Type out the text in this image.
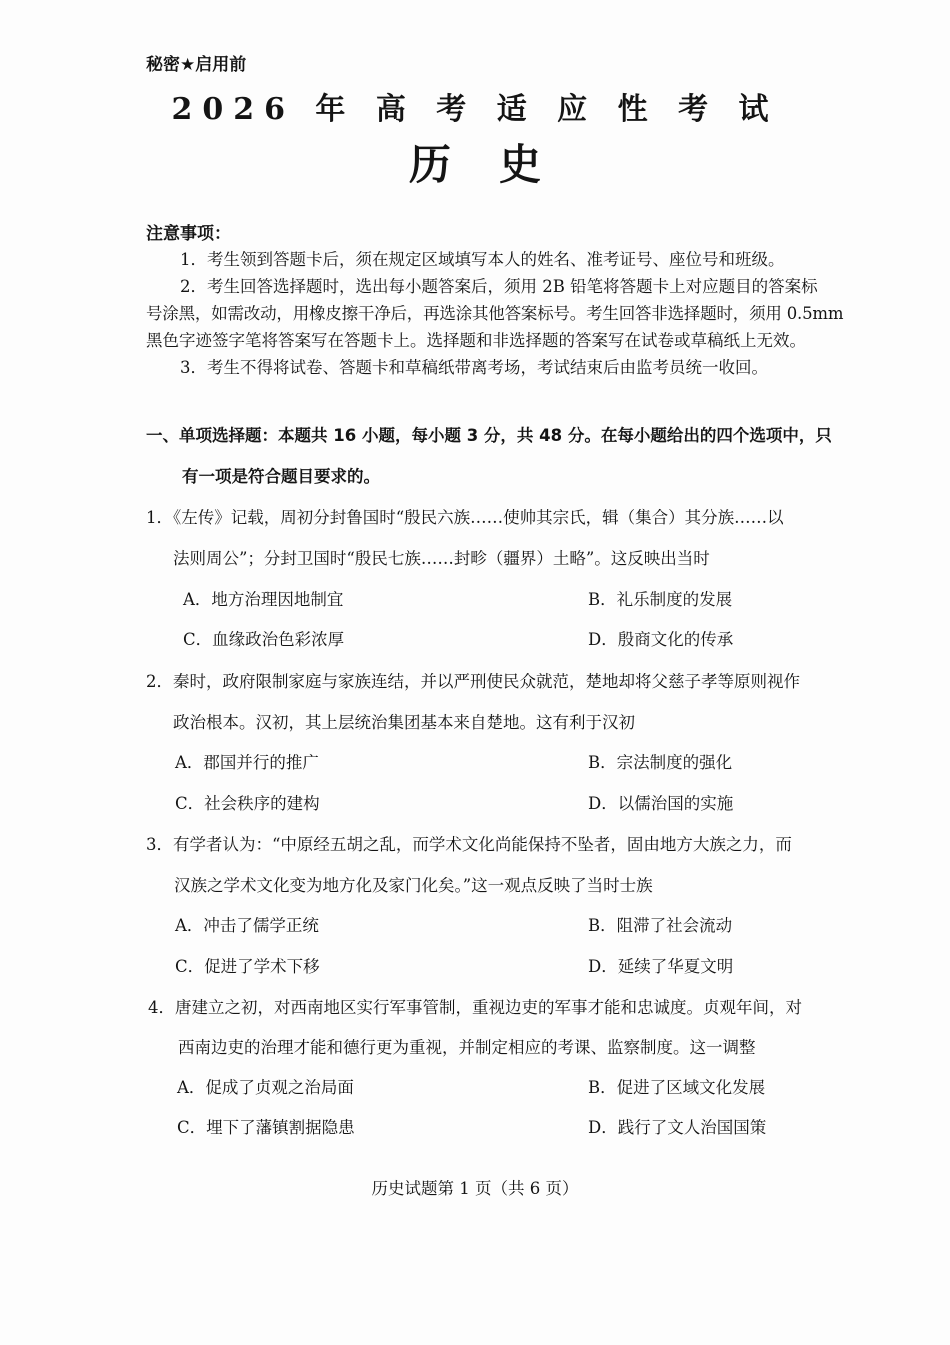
秘密★启用前
2026 年 高 考 适 应 性 考 试
历史
注意事项：
1．考生领到答题卡后，须在规定区域填写本人的姓名、准考证号、座位号和班级。
2．考生回答选择题时，选出每小题答案后，须用 2B 铅笔将答题卡上对应题目的答案标
号涂黑，如需改动，用橡皮擦干净后，再选涂其他答案标号。考生回答非选择题时，须用 0.5mm
黑色字迹签字笔将答案写在答题卡上。选择题和非选择题的答案写在试卷或草稿纸上无效。
3．考生不得将试卷、答题卡和草稿纸带离考场，考试结束后由监考员统一收回。
一、单项选择题：本题共 16 小题，每小题 3 分，共 48 分。在每小题给出的四个选项中，只
有一项是符合题目要求的。
1．《左传》记载，周初分封鲁国时“殷民六族……使帅其宗氏，辑（集合）其分族……以
法则周公”；分封卫国时“殷民七族……封畛（疆界）土略”。这反映出当时
A．地方治理因地制宜	B．礼乐制度的发展
C．血缘政治色彩浓厚	D．殷商文化的传承
2．秦时，政府限制家庭与家族连结，并以严刑使民众就范，楚地却将父慈子孝等原则视作
政治根本。汉初，其上层统治集团基本来自楚地。这有利于汉初
A．郡国并行的推广	B．宗法制度的强化
C．社会秩序的建构	D．以儒治国的实施
3．有学者认为：“中原经五胡之乱，而学术文化尚能保持不坠者，固由地方大族之力，而
汉族之学术文化变为地方化及家门化矣。”这一观点反映了当时士族
A．冲击了儒学正统	B．阻滞了社会流动
C．促进了学术下移	D．延续了华夏文明
4．唐建立之初，对西南地区实行军事管制，重视边吏的军事才能和忠诚度。贞观年间，对
西南边吏的治理才能和德行更为重视，并制定相应的考课、监察制度。这一调整
A．促成了贞观之治局面	B．促进了区域文化发展
C．埋下了藩镇割据隐患	D．践行了文人治国国策
历史试题第 1 页（共 6 页）
